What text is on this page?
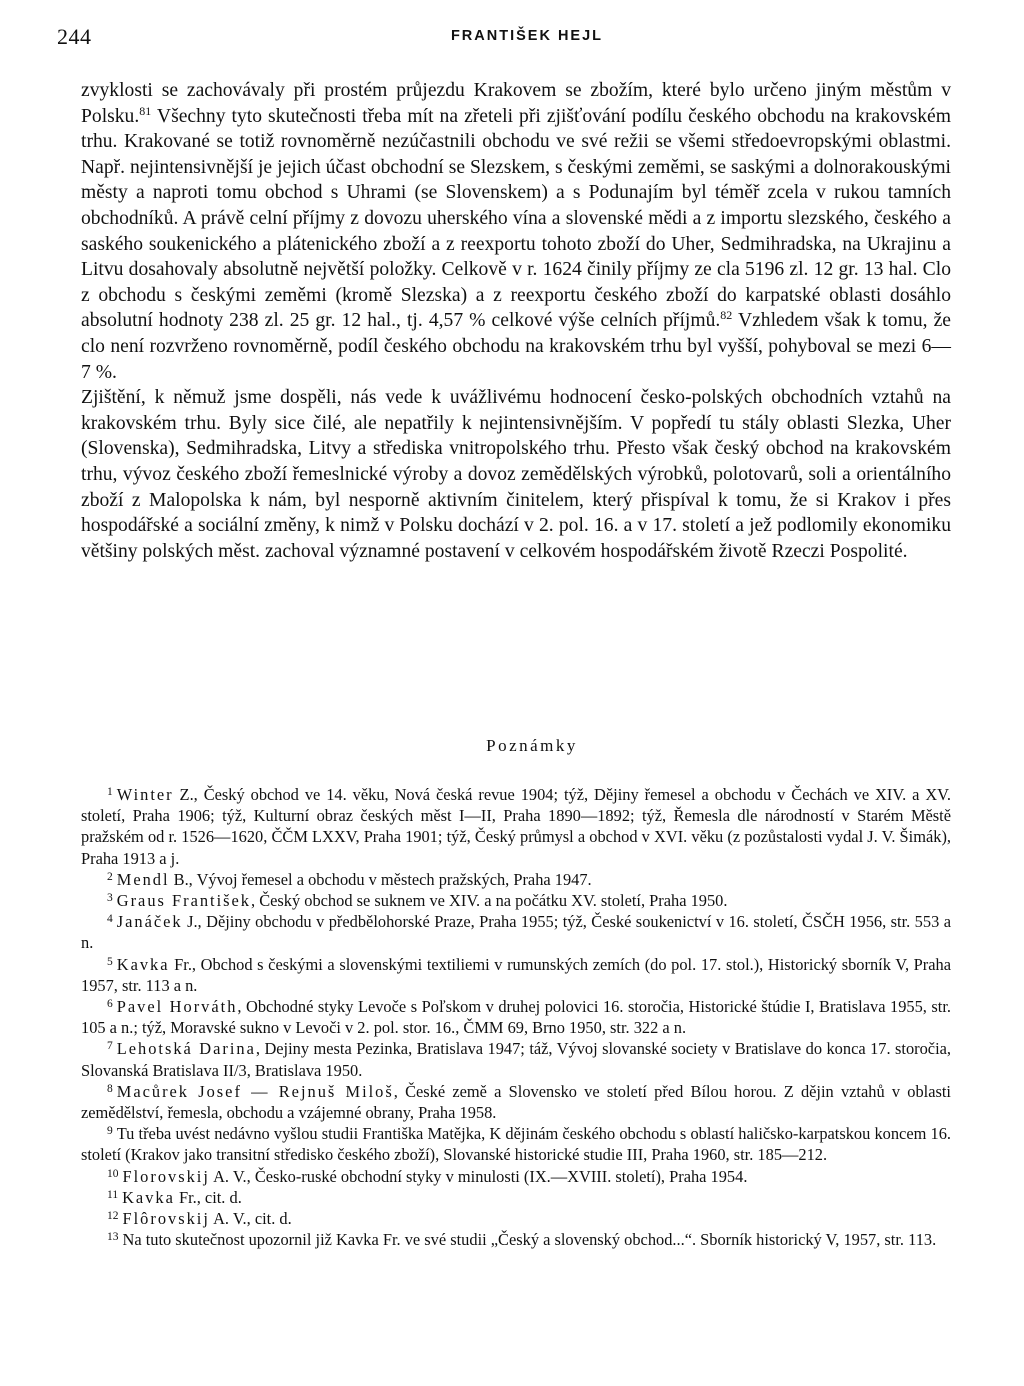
244	FRANTIŠEK HEJL

zvyklosti se zachovávaly při prostém průjezdu Krakovem se zbožím, které bylo určeno jiným městům v Polsku.$^{81}$ Všechny tyto skutečnosti třeba mít na zřeteli při zjišťování podílu českého obchodu na krakovském trhu. Krakované se totiž rovnoměrně nezúčastnili obchodu ve své režii se všemi středoevropskými oblastmi. Např. nejintensivnější je jejich účast obchodní se Slezskem, s českými zeměmi, se saskými a dolnorakouskými městy a naproti tomu obchod s Uhrami (se Slovenskem) a s Podunajím byl téměř zcela v rukou tamních obchodníků. A právě celní příjmy z dovozu uherského vína a slovenské mědi a z importu slezského, českého a saského soukenického a plátenického zboží a z reexportu tohoto zboží do Uher, Sedmihradska, na Ukrajinu a Litvu dosahovaly absolutně největší položky. Celkově v r. 1624 činily příjmy ze cla 5196 zl. 12 gr. 13 hal. Clo z obchodu s českými zeměmi (kromě Slezska) a z reexportu českého zboží do karpatské oblasti dosáhlo absolutní hodnoty 238 zl. 25 gr. 12 hal., tj. 4,57 % celkové výše celních příjmů.$^{82}$ Vzhledem však k tomu, že clo není rozvrženo rovnoměrně, podíl českého obchodu na krakovském trhu byl vyšší, pohyboval se mezi 6—7 %.

Zjištění, k němuž jsme dospěli, nás vede k uvážlivému hodnocení česko-polských obchodních vztahů na krakovském trhu. Byly sice čilé, ale nepatřily k nejintensivnějším. V popředí tu stály oblasti Slezka, Uher (Slovenska), Sedmihradska, Litvy a střediska vnitropolského trhu. Přesto však český obchod na krakovském trhu, vývoz českého zboží řemeslnické výroby a dovoz zemědělských výrobků, polotovarů, soli a orientálního zboží z Malopolska k nám, byl nesporně aktivním činitelem, který přispíval k tomu, že si Krakov i přes hospodářské a sociální změny, k nimž v Polsku dochází v 2. pol. 16. a v 17. století a jež podlomily ekonomiku většiny polských měst. zachoval významné postavení v celkovém hospodářském životě Rzeczi Pospolité.

Poznámky

$^1$ Winter Z., Český obchod ve 14. věku, Nová česká revue 1904; týž, Dějiny řemesel a obchodu v Čechách ve XIV. a XV. století, Praha 1906; týž, Kulturní obraz českých měst I—II, Praha 1890—1892; týž, Řemesla dle národností v Starém Městě pražském od r. 1526—1620, ČČM LXXV, Praha 1901; týž, Český průmysl a obchod v XVI. věku (z pozůstalosti vydal J. V. Šimák), Praha 1913 a j.

$^2$ Mendl B., Vývoj řemesel a obchodu v městech pražských, Praha 1947.

$^3$ Graus František, Český obchod se suknem ve XIV. a na počátku XV. století, Praha 1950.

$^4$ Janáček J., Dějiny obchodu v předbělohorské Praze, Praha 1955; týž, České soukenictví v 16. století, ČSČH 1956, str. 553 a n.

$^5$ Kavka Fr., Obchod s českými a slovenskými textiliemi v rumunských zemích (do pol. 17. stol.), Historický sborník V, Praha 1957, str. 113 a n.

$^6$ Pavel Horváth, Obchodné styky Levoče s Poľskom v druhej polovici 16. storočia, Historické štúdie I, Bratislava 1955, str. 105 a n.; týž, Moravské sukno v Levoči v 2. pol. stor. 16., ČMM 69, Brno 1950, str. 322 a n.

$^7$ Lehotská Darina, Dejiny mesta Pezinka, Bratislava 1947; táž, Vývoj slovanské society v Bratislave do konca 17. storočia, Slovanská Bratislava II/3, Bratislava 1950.

$^8$ Macůrek Josef — Rejnuš Miloš, České země a Slovensko ve století před Bílou horou. Z dějin vztahů v oblasti zemědělství, řemesla, obchodu a vzájemné obrany, Praha 1958.

$^9$ Tu třeba uvést nedávno vyšlou studii Františka Matějka, K dějinám českého obchodu s oblastí haličsko-karpatskou koncem 16. století (Krakov jako transitní středisko českého zboží), Slovanské historické studie III, Praha 1960, str. 185—212.

$^{10}$ Florovskij A. V., Česko-ruské obchodní styky v minulosti (IX.—XVIII. století), Praha 1954.

$^{11}$ Kavka Fr., cit. d.

$^{12}$ Flôrovskij A. V., cit. d.

$^{13}$ Na tuto skutečnost upozornil již Kavka Fr. ve své studii „Český a slovenský obchod...“. Sborník historický V, 1957, str. 113.
